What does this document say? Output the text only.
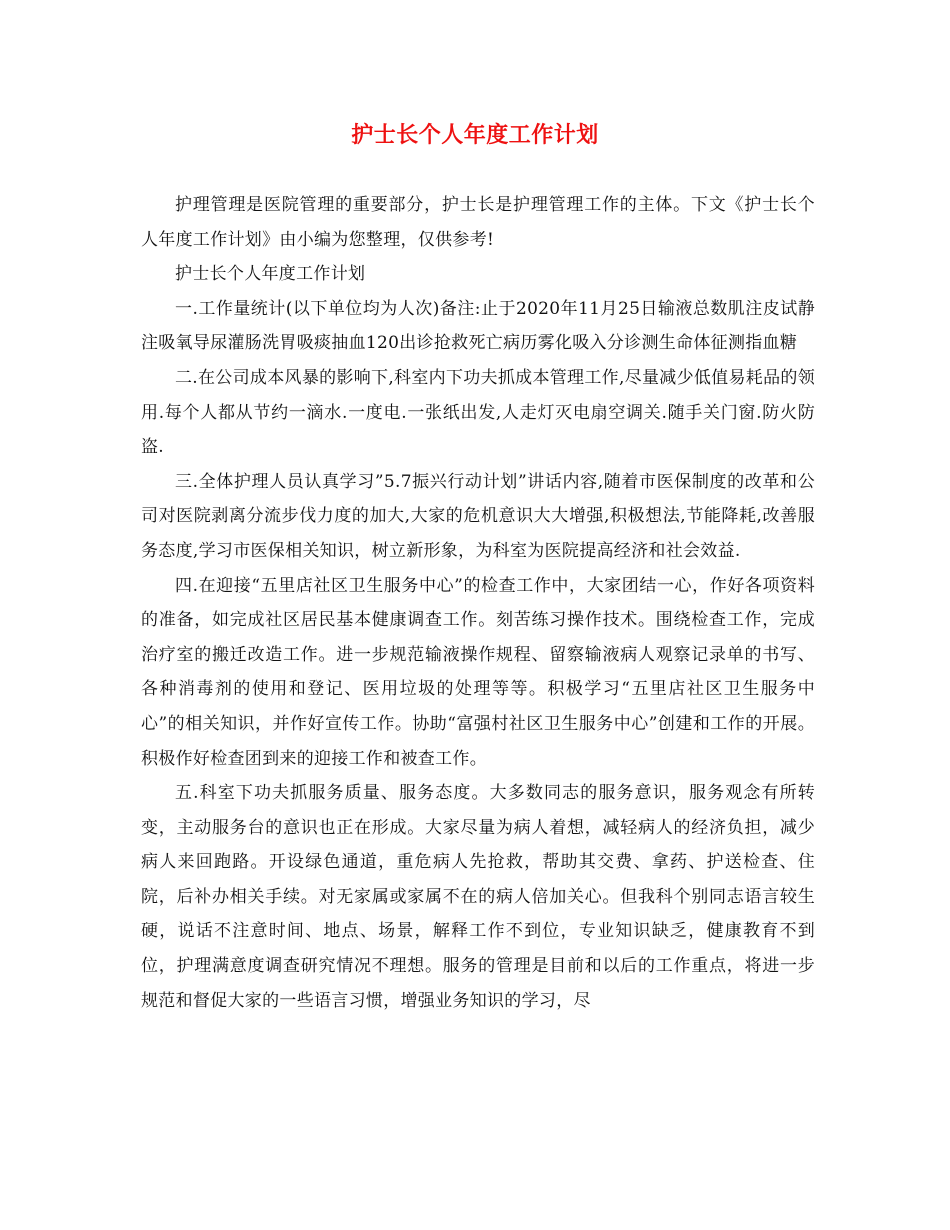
护士长个人年度工作计划

护理管理是医院管理的重要部分，护士长是护理管理工作的主体。下文《护士长个人年度工作计划》由小编为您整理，仅供参考!

护士长个人年度工作计划

一.工作量统计(以下单位均为人次)备注:止于2020年11月25日输液总数肌注皮试静注吸氧导尿灌肠洗胃吸痰抽血120出诊抢救死亡病历雾化吸入分诊测生命体征测指血糖

二.在公司成本风暴的影响下,科室内下功夫抓成本管理工作,尽量减少低值易耗品的领用.每个人都从节约一滴水.一度电.一张纸出发,人走灯灭电扇空调关.随手关门窗.防火防盗.

三.全体护理人员认真学习”5.7振兴行动计划”讲话内容,随着市医保制度的改革和公司对医院剥离分流步伐力度的加大,大家的危机意识大大增强,积极想法,节能降耗,改善服务态度,学习市医保相关知识，树立新形象，为科室为医院提高经济和社会效益.

四.在迎接“五里店社区卫生服务中心”的检查工作中，大家团结一心，作好各项资料的准备，如完成社区居民基本健康调查工作。刻苦练习操作技术。围绕检查工作，完成治疗室的搬迁改造工作。进一步规范输液操作规程、留察输液病人观察记录单的书写、各种消毒剂的使用和登记、医用垃圾的处理等等。积极学习“五里店社区卫生服务中心”的相关知识，并作好宣传工作。协助“富强村社区卫生服务中心”创建和工作的开展。积极作好检查团到来的迎接工作和被查工作。

五.科室下功夫抓服务质量、服务态度。大多数同志的服务意识，服务观念有所转变，主动服务台的意识也正在形成。大家尽量为病人着想，减轻病人的经济负担，减少病人来回跑路。开设绿色通道，重危病人先抢救，帮助其交费、拿药、护送检查、住院，后补办相关手续。对无家属或家属不在的病人倍加关心。但我科个别同志语言较生硬，说话不注意时间、地点、场景，解释工作不到位，专业知识缺乏，健康教育不到位，护理满意度调查研究情况不理想。服务的管理是目前和以后的工作重点，将进一步规范和督促大家的一些语言习惯，增强业务知识的学习，尽
